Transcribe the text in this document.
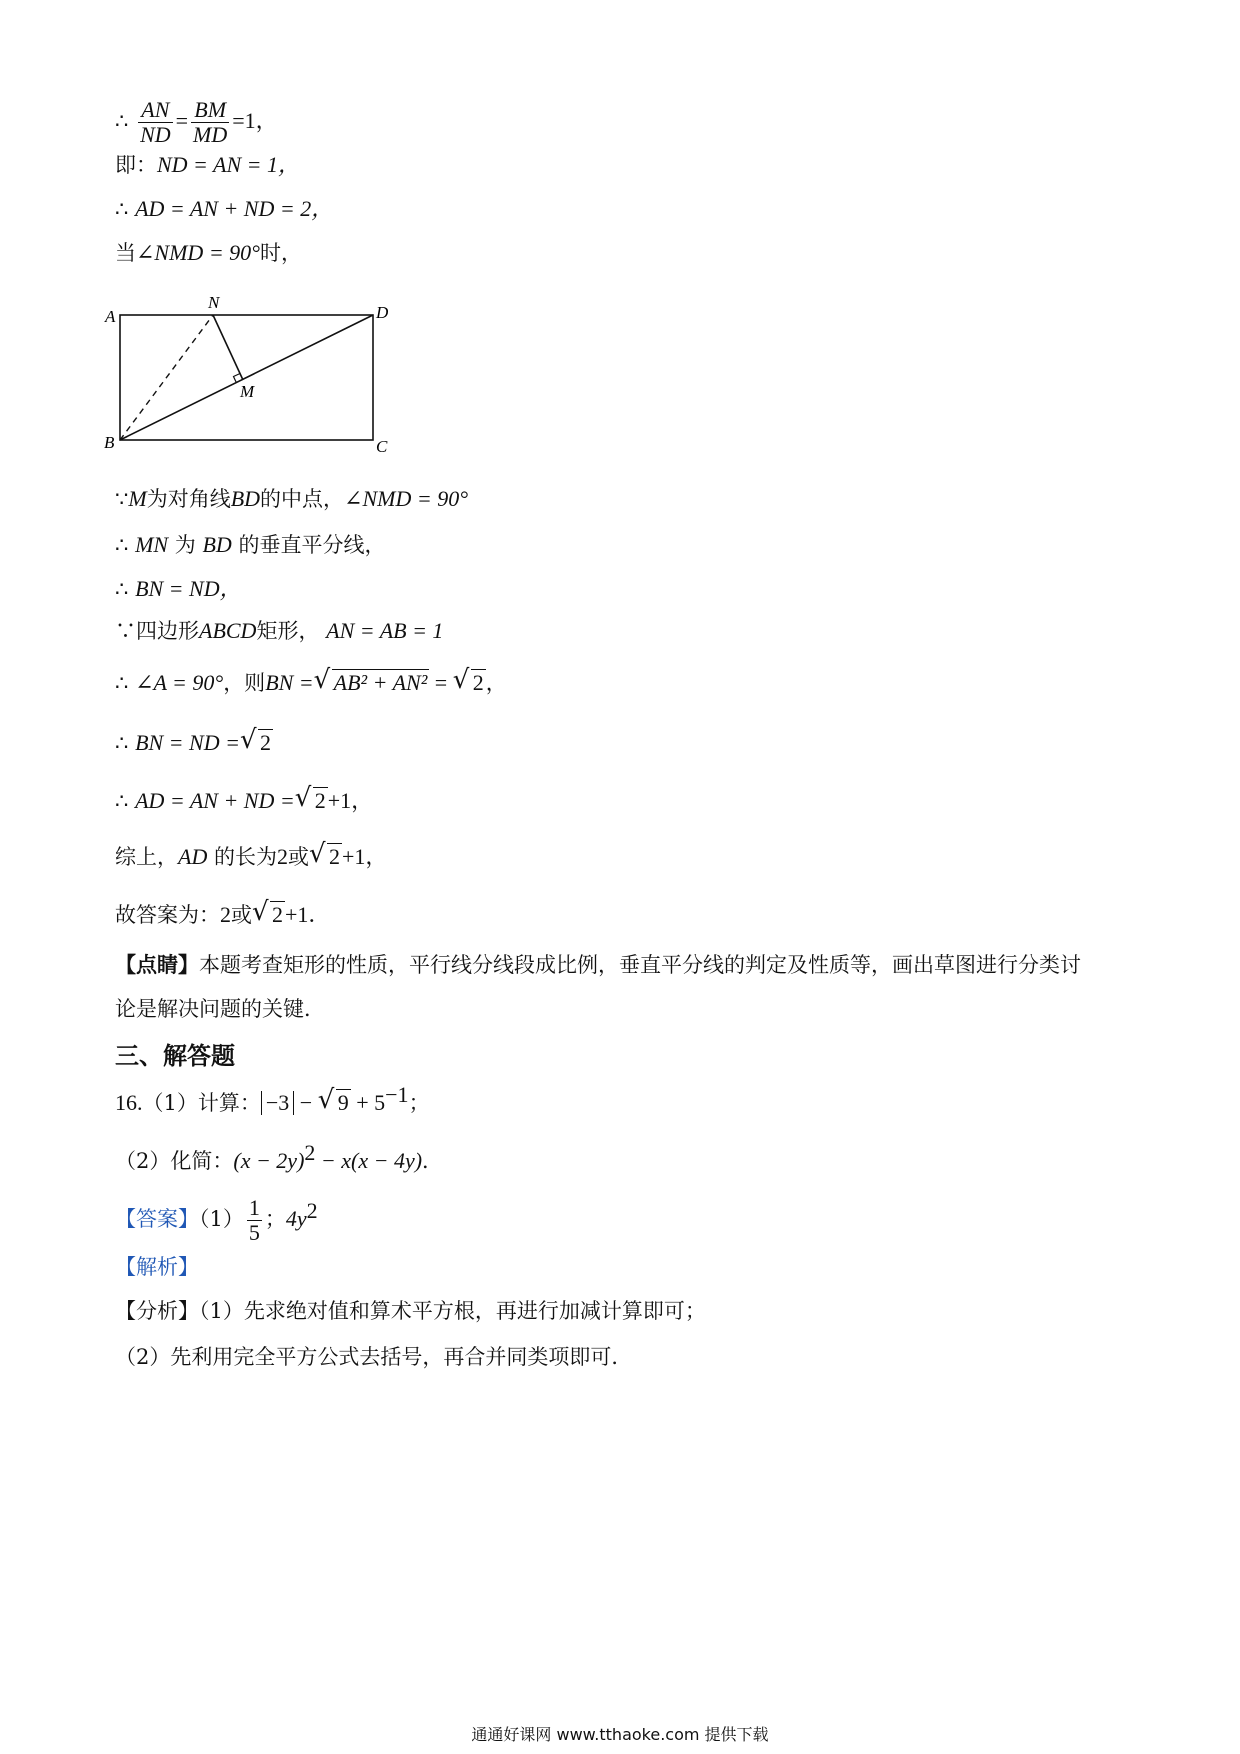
∴ $\frac{AN}{ND} = \frac{BM}{MD} =1$，
即：ND = AN = 1，
∴ AD = AN + ND = 2，
当∠NMD = 90°时，
A
N
D
M
B	C
∵M为对角线BD的中点，∠NMD = 90°
∴ MN 为 BD 的垂直平分线，
∴ BN = ND，
∵四边形ABCD矩形， AN = AB = 1
∴ ∠A = 90°，则BN = √ AB² + AN² = √ 2，
∴ BN = ND = √ 2
∴ AD = AN + ND = √ 2+1，
综上，AD 的长为2或 √ 2+1，
故答案为：2或 √ 2+1．
【点睛】本题考查矩形的性质，平行线分线段成比例，垂直平分线的判定及性质等，画出草图进行分类讨
论是解决问题的关键．
三、解答题
16.（1）计算： −3 − √ $9 + 5^{-1}$；
（2）化简：$(x - 2y)^2 - x(x - 4y)$．
【答案】$(1) \frac{1}{5}$ ；$4y^2$
【解析】
【分析】（1）先求绝对值和算术平方根，再进行加减计算即可；
（2）先利用完全平方公式去括号，再合并同类项即可．
通通好课网 www.tthaoke.com 提供下载
